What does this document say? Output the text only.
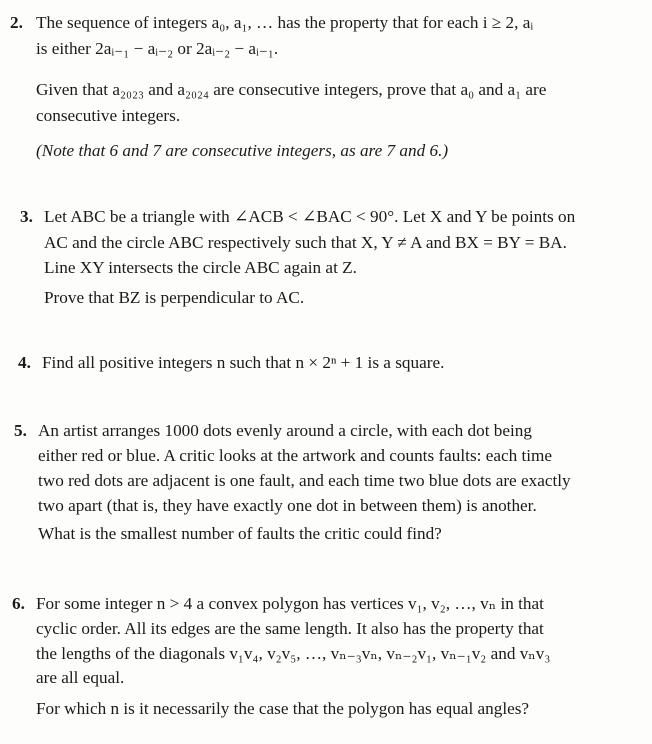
2. The sequence of integers a₀, a₁, … has the property that for each i ≥ 2, aᵢ
is either 2aᵢ₋₁ − aᵢ₋₂ or 2aᵢ₋₂ − aᵢ₋₁.
Given that a₂₀₂₃ and a₂₀₂₄ are consecutive integers, prove that a₀ and a₁ are
consecutive integers.
(Note that 6 and 7 are consecutive integers, as are 7 and 6.)
3. Let ABC be a triangle with ∠ACB < ∠BAC < 90°. Let X and Y be points on
AC and the circle ABC respectively such that X, Y ≠ A and BX = BY = BA.
Line XY intersects the circle ABC again at Z.
Prove that BZ is perpendicular to AC.
4. Find all positive integers n such that n × 2ⁿ + 1 is a square.
5. An artist arranges 1000 dots evenly around a circle, with each dot being
either red or blue. A critic looks at the artwork and counts faults: each time
two red dots are adjacent is one fault, and each time two blue dots are exactly
two apart (that is, they have exactly one dot in between them) is another.
What is the smallest number of faults the critic could find?
6. For some integer n > 4 a convex polygon has vertices v₁, v₂, …, vₙ in that
cyclic order. All its edges are the same length. It also has the property that
the lengths of the diagonals v₁v₄, v₂v₅, …, vₙ₋₃vₙ, vₙ₋₂v₁, vₙ₋₁v₂ and vₙv₃
are all equal.
For which n is it necessarily the case that the polygon has equal angles?
